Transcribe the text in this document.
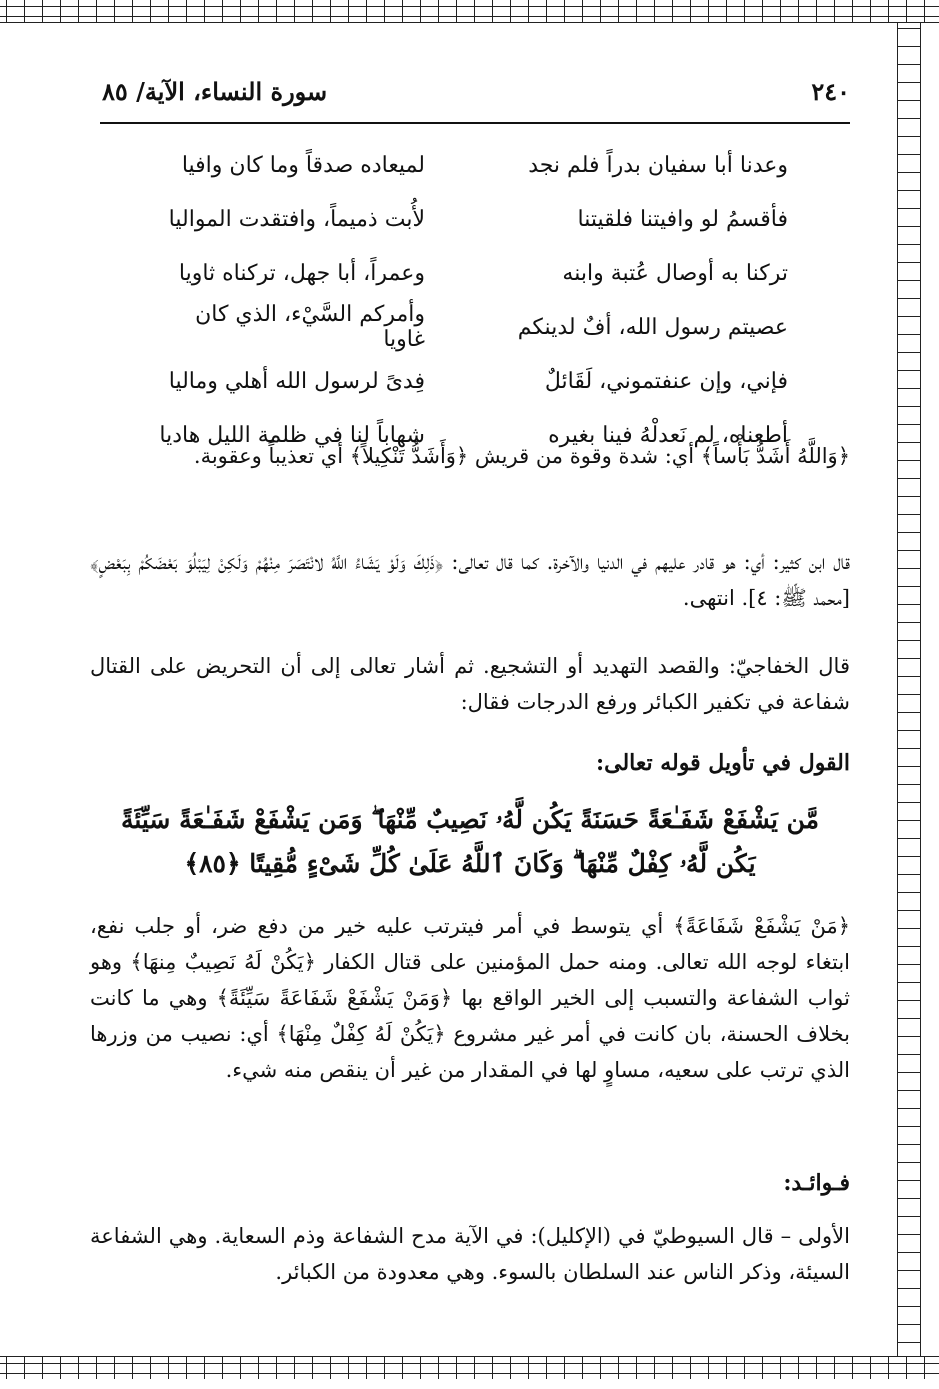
٢٤٠
سورة النساء، الآية/ ٨٥
وعدنا أبا سفيان بدراً فلم نجد
لميعاده صدقاً وما كان وافيا
فأقسمُ لو وافيتنا فلقيتنا
لأُبت ذميماً، وافتقدت المواليا
تركنا به أوصال عُتبة وابنه
وعمراً، أبا جهل، تركناه ثاويا
عصيتم رسول الله، أفٌ لدينكم
وأمركم السَّيْء، الذي كان غاويا
فإني، وإن عنفتموني، لَقَائلٌ
فِدىً لرسول الله أهلي وماليا
أطعناه، لم نَعدلْهُ فينا بغيره
شهاباً لنا في ظلمة الليل هاديا

﴿وَاللَّهُ أَشَدُّ بَأْساً﴾ أي: شدة وقوة من قريش ﴿وَأَشَدُّ تَنْكِيلاً﴾ أي تعذيباً وعقوبة.

قال ابن كثير: أي: هو قادر عليهم في الدنيا والآخرة. كما قال تعالى: ﴿ذَلِكَ وَلَوْ يَشَاءُ اللَّهُ لانْتَصَرَ مِنْهُمْ وَلَكِنْ لِيَبْلُوَ بَعْضَكُمْ بِبَعْضٍ﴾ [محمد ﷺ: ٤]. انتهى.

قال الخفاجيّ: والقصد التهديد أو التشجيع. ثم أشار تعالى إلى أن التحريض على القتال شفاعة في تكفير الكبائر ورفع الدرجات فقال:

القول في تأويل قوله تعالى:
مَّن يَشْفَعْ شَفَـٰعَةً حَسَنَةً يَكُن لَّهُۥ نَصِيبٌ مِّنْهَا ۖ وَمَن يَشْفَعْ شَفَـٰعَةً سَيِّئَةً يَكُن لَّهُۥ كِفْلٌ مِّنْهَا ۗ وَكَانَ ٱللَّهُ عَلَىٰ كُلِّ شَىْءٍ مُّقِيتًا ﴿٨٥﴾

﴿مَنْ يَشْفَعْ شَفَاعَةً﴾ أي يتوسط في أمر فيترتب عليه خير من دفع ضر، أو جلب نفع، ابتغاء لوجه الله تعالى. ومنه حمل المؤمنين على قتال الكفار ﴿يَكُنْ لَهُ نَصِيبٌ مِنهَا﴾ وهو ثواب الشفاعة والتسبب إلى الخير الواقع بها ﴿وَمَنْ يَشْفَعْ شَفَاعَةً سَيِّئَةً﴾ وهي ما كانت بخلاف الحسنة، بان كانت في أمر غير مشروع ﴿يَكُنْ لَهُ كِفْلٌ مِنْهَا﴾ أي: نصيب من وزرها الذي ترتب على سعيه، مساوٍ لها في المقدار من غير أن ينقص منه شيء.

فـوائـد:

الأولى – قال السيوطيّ في (الإكليل): في الآية مدح الشفاعة وذم السعاية. وهي الشفاعة السيئة، وذكر الناس عند السلطان بالسوء. وهي معدودة من الكبائر.
